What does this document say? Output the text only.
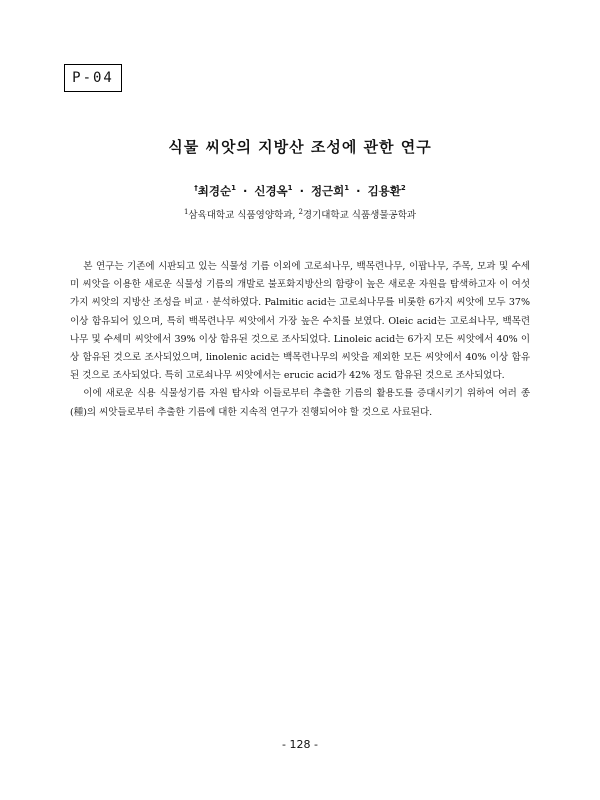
P-04
식물 씨앗의 지방산 조성에 관한 연구
†최경순$^1$ · 신경옥$^1$ · 정근희$^1$ · 김용환$^2$
$^1$삼육대학교 식품영양학과, $^2$경기대학교 식품생물공학과

본 연구는 기존에 시판되고 있는 식물성 기름 이외에 고로쇠나무, 백목련나무, 이팝나무, 주목, 모과 및 수세미 씨앗을 이용한 새로운 식물성 기름의 개발로 불포화지방산의 함량이 높은 새로운 자원을 탐색하고자 이 여섯 가지 씨앗의 지방산 조성을 비교 · 분석하였다. Palmitic acid는 고로쇠나무를 비롯한 6가지 씨앗에 모두 37%이상 함유되어 있으며, 특히 백목련나무 씨앗에서 가장 높은 수치를 보였다. Oleic acid는 고로쇠나무, 백목련나무 및 수세미 씨앗에서 39% 이상 함유된 것으로 조사되었다. Linoleic acid는 6가지 모든 씨앗에서 40% 이상 함유된 것으로 조사되었으며, linolenic acid는 백목련나무의 씨앗을 제외한 모든 씨앗에서 40% 이상 함유된 것으로 조사되었다. 특히 고로쇠나무 씨앗에서는 erucic acid가 42% 정도 함유된 것으로 조사되었다.

이에 새로운 식용 식물성기름 자원 탐사와 이들로부터 추출한 기름의 활용도를 증대시키기 위하여 여러 종(種)의 씨앗들로부터 추출한 기름에 대한 지속적 연구가 진행되어야 할 것으로 사료된다.

- 128 -
